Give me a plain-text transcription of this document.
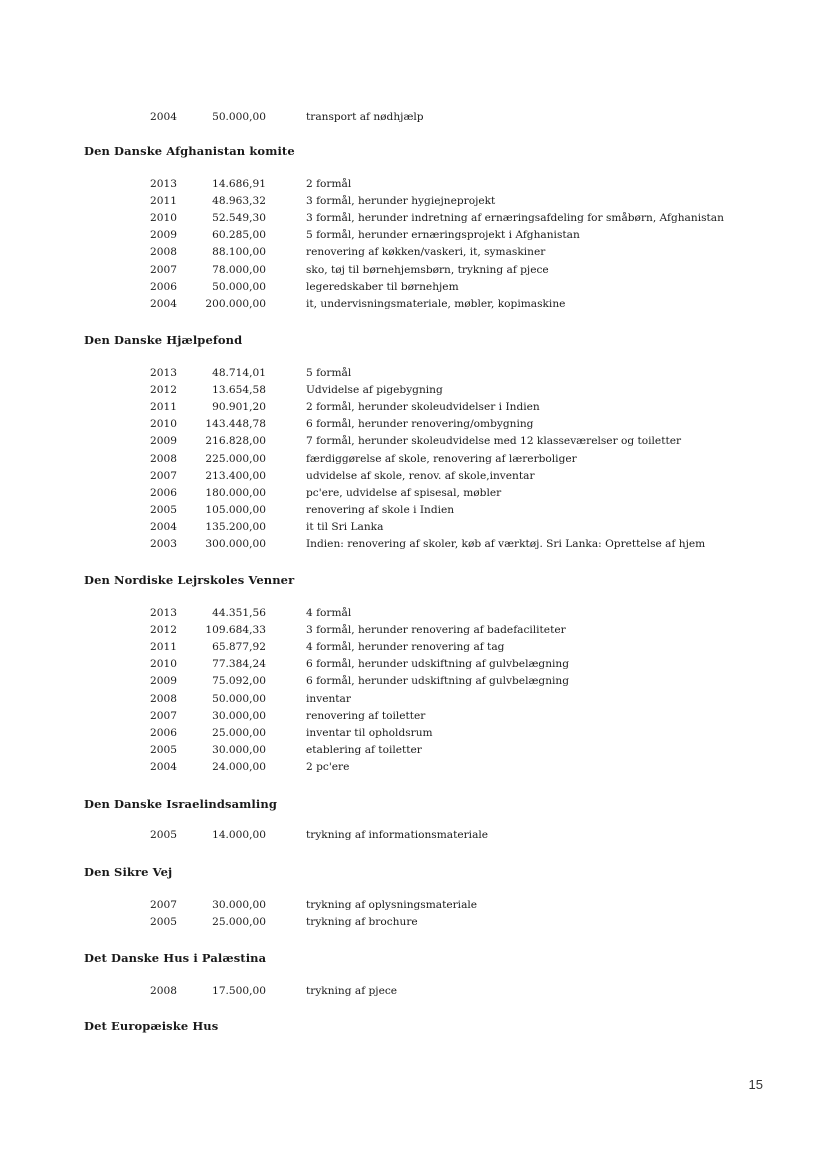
2004	50.000,00	transport af nødhjælp
Den Danske Afghanistan komite
2013	14.686,91	2 formål
2011	48.963,32	3 formål, herunder hygiejneprojekt
2010	52.549,30	3 formål, herunder indretning af ernæringsafdeling for småbørn, Afghanistan
2009	60.285,00	5 formål, herunder ernæringsprojekt i Afghanistan
2008	88.100,00	renovering af køkken/vaskeri, it, symaskiner
2007	78.000,00	sko, tøj til børnehjemsbørn, trykning af pjece
2006	50.000,00	legeredskaber til børnehjem
2004	200.000,00	it, undervisningsmateriale, møbler, kopimaskine
Den Danske Hjælpefond
2013	48.714,01	5 formål
2012	13.654,58	Udvidelse af pigebygning
2011	90.901,20	2 formål, herunder skoleudvidelser i Indien
2010	143.448,78	6 formål, herunder renovering/ombygning
2009	216.828,00	7 formål, herunder skoleudvidelse med 12 klasseværelser og toiletter
2008	225.000,00	færdiggørelse af skole, renovering af lærerboliger
2007	213.400,00	udvidelse af skole, renov. af skole,inventar
2006	180.000,00	pc'ere, udvidelse af spisesal, møbler
2005	105.000,00	renovering af skole i Indien
2004	135.200,00	it til Sri Lanka
2003	300.000,00	Indien: renovering af skoler, køb af værktøj. Sri Lanka: Oprettelse af hjem
Den Nordiske Lejrskoles Venner
2013	44.351,56	4 formål
2012	109.684,33	3 formål, herunder renovering af badefaciliteter
2011	65.877,92	4 formål, herunder renovering af tag
2010	77.384,24	6 formål, herunder udskiftning af gulvbelægning
2009	75.092,00	6 formål, herunder udskiftning af gulvbelægning
2008	50.000,00	inventar
2007	30.000,00	renovering af toiletter
2006	25.000,00	inventar til opholdsrum
2005	30.000,00	etablering af toiletter
2004	24.000,00	2 pc'ere
Den Danske Israelindsamling
2005	14.000,00	trykning af informationsmateriale
Den Sikre Vej
2007	30.000,00	trykning af oplysningsmateriale
2005	25.000,00	trykning af brochure
Det Danske Hus i Palæstina
2008	17.500,00	trykning af pjece
Det Europæiske Hus
15
